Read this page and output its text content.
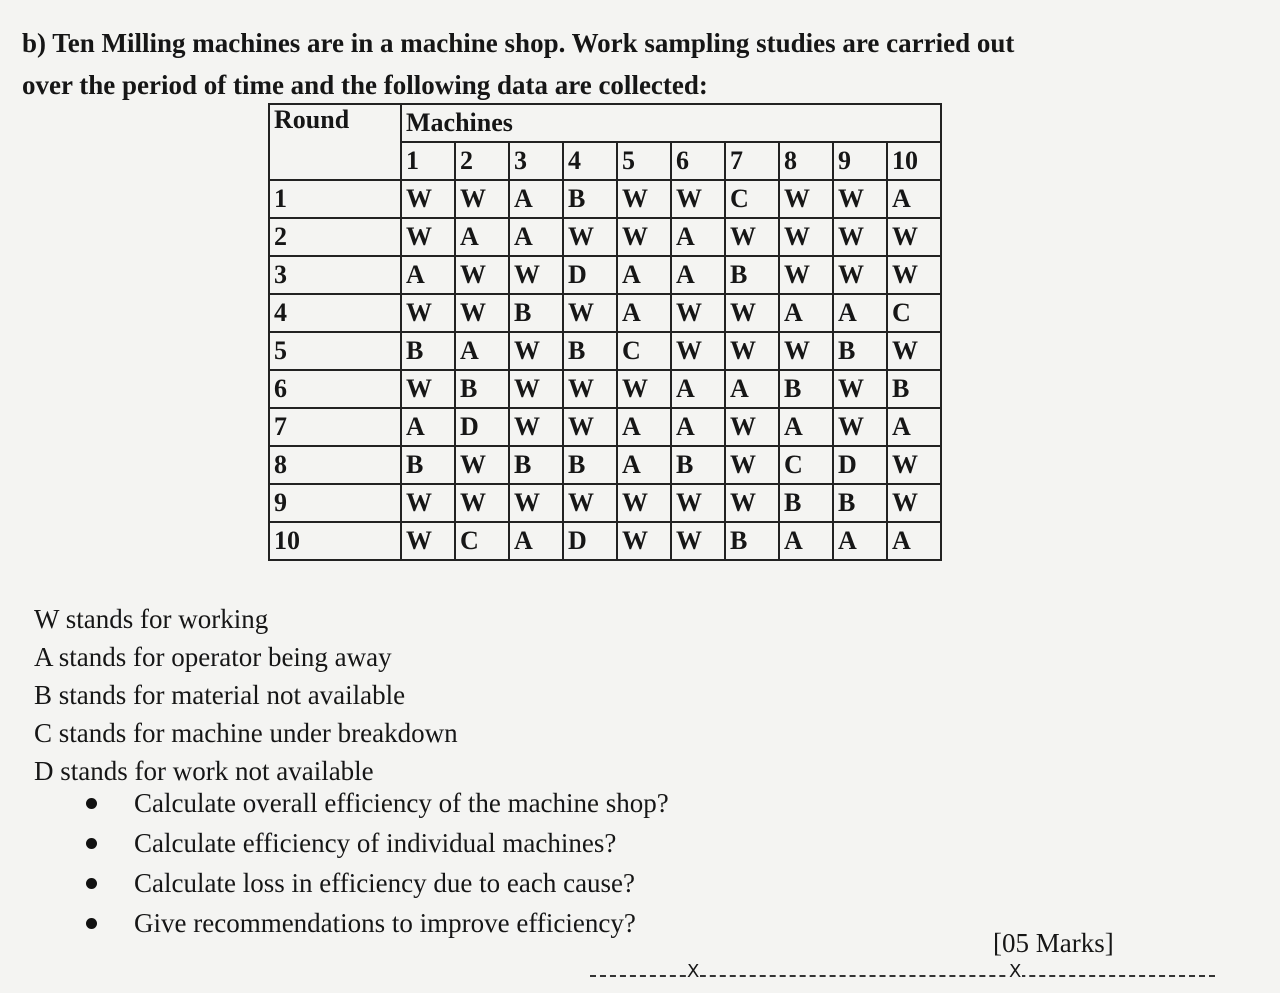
b) Ten Milling machines are in a machine shop. Work sampling studies are carried out
over the period of time and the following data are collected:
Round	Machines									
	1	2	3	4	5	6	7	8	9	10
1	W	W	A	B	W	W	C	W	W	A
2	W	A	A	W	W	A	W	W	W	W
3	A	W	W	D	A	A	B	W	W	W
4	W	W	B	W	A	W	W	A	A	C
5	B	A	W	B	C	W	W	W	B	W
6	W	B	W	W	W	A	A	B	W	B
7	A	D	W	W	A	A	W	A	W	A
8	B	W	B	B	A	B	W	C	D	W
9	W	W	W	W	W	W	W	B	B	W
10	W	C	A	D	W	W	B	A	A	A
W stands for working
A stands for operator being away
B stands for material not available
C stands for machine under breakdown
D stands for work not available
Calculate overall efficiency of the machine shop?
Calculate efficiency of individual machines?
Calculate loss in efficiency due to each cause?
Give recommendations to improve efficiency?
[05 Marks]
X	X
